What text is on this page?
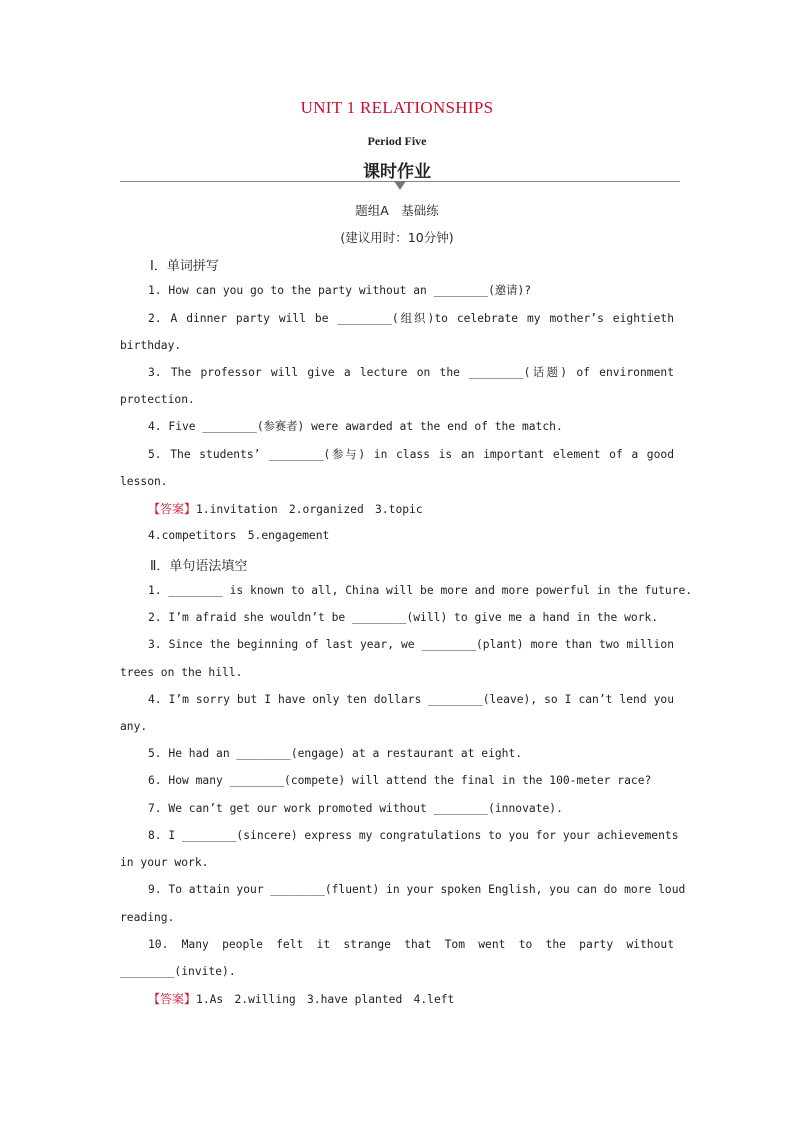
UNIT 1 RELATIONSHIPS
Period Five
课时作业
题组A　基础练
(建议用时：10分钟)
Ⅰ．单词拼写
1. How can you go to the party without an ________(邀请)?
2. A dinner party will be ________(组织)to celebrate my mother’s eightieth
birthday.
3. The professor will give a lecture on the ________(话题) of environment
protection.
4. Five ________(参赛者) were awarded at the end of the match.
5. The students’ ________(参与) in class is an important element of a good
lesson.
【答案】1.invitation　2.organized　3.topic
4.competitors　5.engagement
Ⅱ．单句语法填空
1. ________ is known to all, China will be more and more powerful in the future.
2. I’m afraid she wouldn’t be ________(will) to give me a hand in the work.
3. Since the beginning of last year, we ________(plant) more than two million
trees on the hill.
4. I’m sorry but I have only ten dollars ________(leave), so I can’t lend you
any.
5. He had an ________(engage) at a restaurant at eight.
6. How many ________(compete) will attend the final in the 100-meter race?
7. We can’t get our work promoted without ________(innovate).
8. I ________(sincere) express my congratulations to you for your achievements
in your work.
9. To attain your ________(fluent) in your spoken English, you can do more loud
reading.
10. Many people felt it strange that Tom went to the party without
________(invite).
【答案】1.As　2.willing　3.have planted　4.left
